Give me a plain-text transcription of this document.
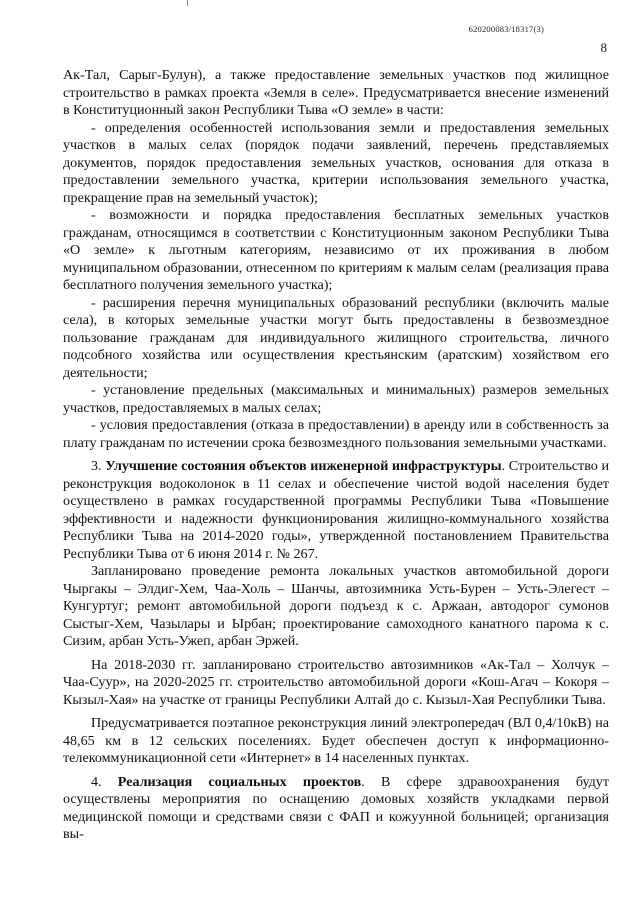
620200083/18317(3)
8

Ак-Тал, Сарыг-Булун), а также предоставление земельных участков под жилищное строительство в рамках проекта «Земля в селе». Предусматривается внесение изменений в Конституционный закон Республики Тыва «О земле» в части:

- определения особенностей использования земли и предоставления земельных участков в малых селах (порядок подачи заявлений, перечень представляемых документов, порядок предоставления земельных участков, основания для отказа в предоставлении земельного участка, критерии использования земельного участка, прекращение прав на земельный участок);

- возможности и порядка предоставления бесплатных земельных участков гражданам, относящимся в соответствии с Конституционным законом Республики Тыва «О земле» к льготным категориям, независимо от их проживания в любом муниципальном образовании, отнесенном по критериям к малым селам (реализация права бесплатного получения земельного участка);

- расширения перечня муниципальных образований республики (включить малые села), в которых земельные участки могут быть предоставлены в безвозмездное пользование гражданам для индивидуального жилищного строительства, личного подсобного хозяйства или осуществления крестьянским (аратским) хозяйством его деятельности;

- установление предельных (максимальных и минимальных) размеров земельных участков, предоставляемых в малых селах;

- условия предоставления (отказа в предоставлении) в аренду или в собственность за плату гражданам по истечении срока безвозмездного пользования земельными участками.

3. Улучшение состояния объектов инженерной инфраструктуры. Строительство и реконструкция водоколонок в 11 селах и обеспечение чистой водой населения будет осуществлено в рамках государственной программы Республики Тыва «Повышение эффективности и надежности функционирования жилищно-коммунального хозяйства Республики Тыва на 2014-2020 годы», утвержденной постановлением Правительства Республики Тыва от 6 июня 2014 г. № 267.

Запланировано проведение ремонта локальных участков автомобильной дороги Чыргакы – Элдиг-Хем, Чаа-Холь – Шанчы, автозимника Усть-Бурен – Усть-Элегест – Кунгуртуг; ремонт автомобильной дороги подъезд к с. Аржаан, автодорог сумонов Сыстыг-Хем, Чазылары и Ырбан; проектирование самоходного канатного парома к с. Сизим, арбан Усть-Ужеп, арбан Эржей.

На 2018-2030 гг. запланировано строительство автозимников «Ак-Тал – Холчук – Чаа-Суур», на 2020-2025 гг. строительство автомобильной дороги «Кош-Агач – Кокоря – Кызыл-Хая» на участке от границы Республики Алтай до с. Кызыл-Хая Республики Тыва.

Предусматривается поэтапное реконструкция линий электропередач (ВЛ 0,4/10кВ) на 48,65 км в 12 сельских поселениях. Будет обеспечен доступ к информационно-телекоммуникационной сети «Интернет» в 14 населенных пунктах.

4. Реализация социальных проектов. В сфере здравоохранения будут осуществлены мероприятия по оснащению домовых хозяйств укладками первой медицинской помощи и средствами связи с ФАП и кожуунной больницей; организация вы-
